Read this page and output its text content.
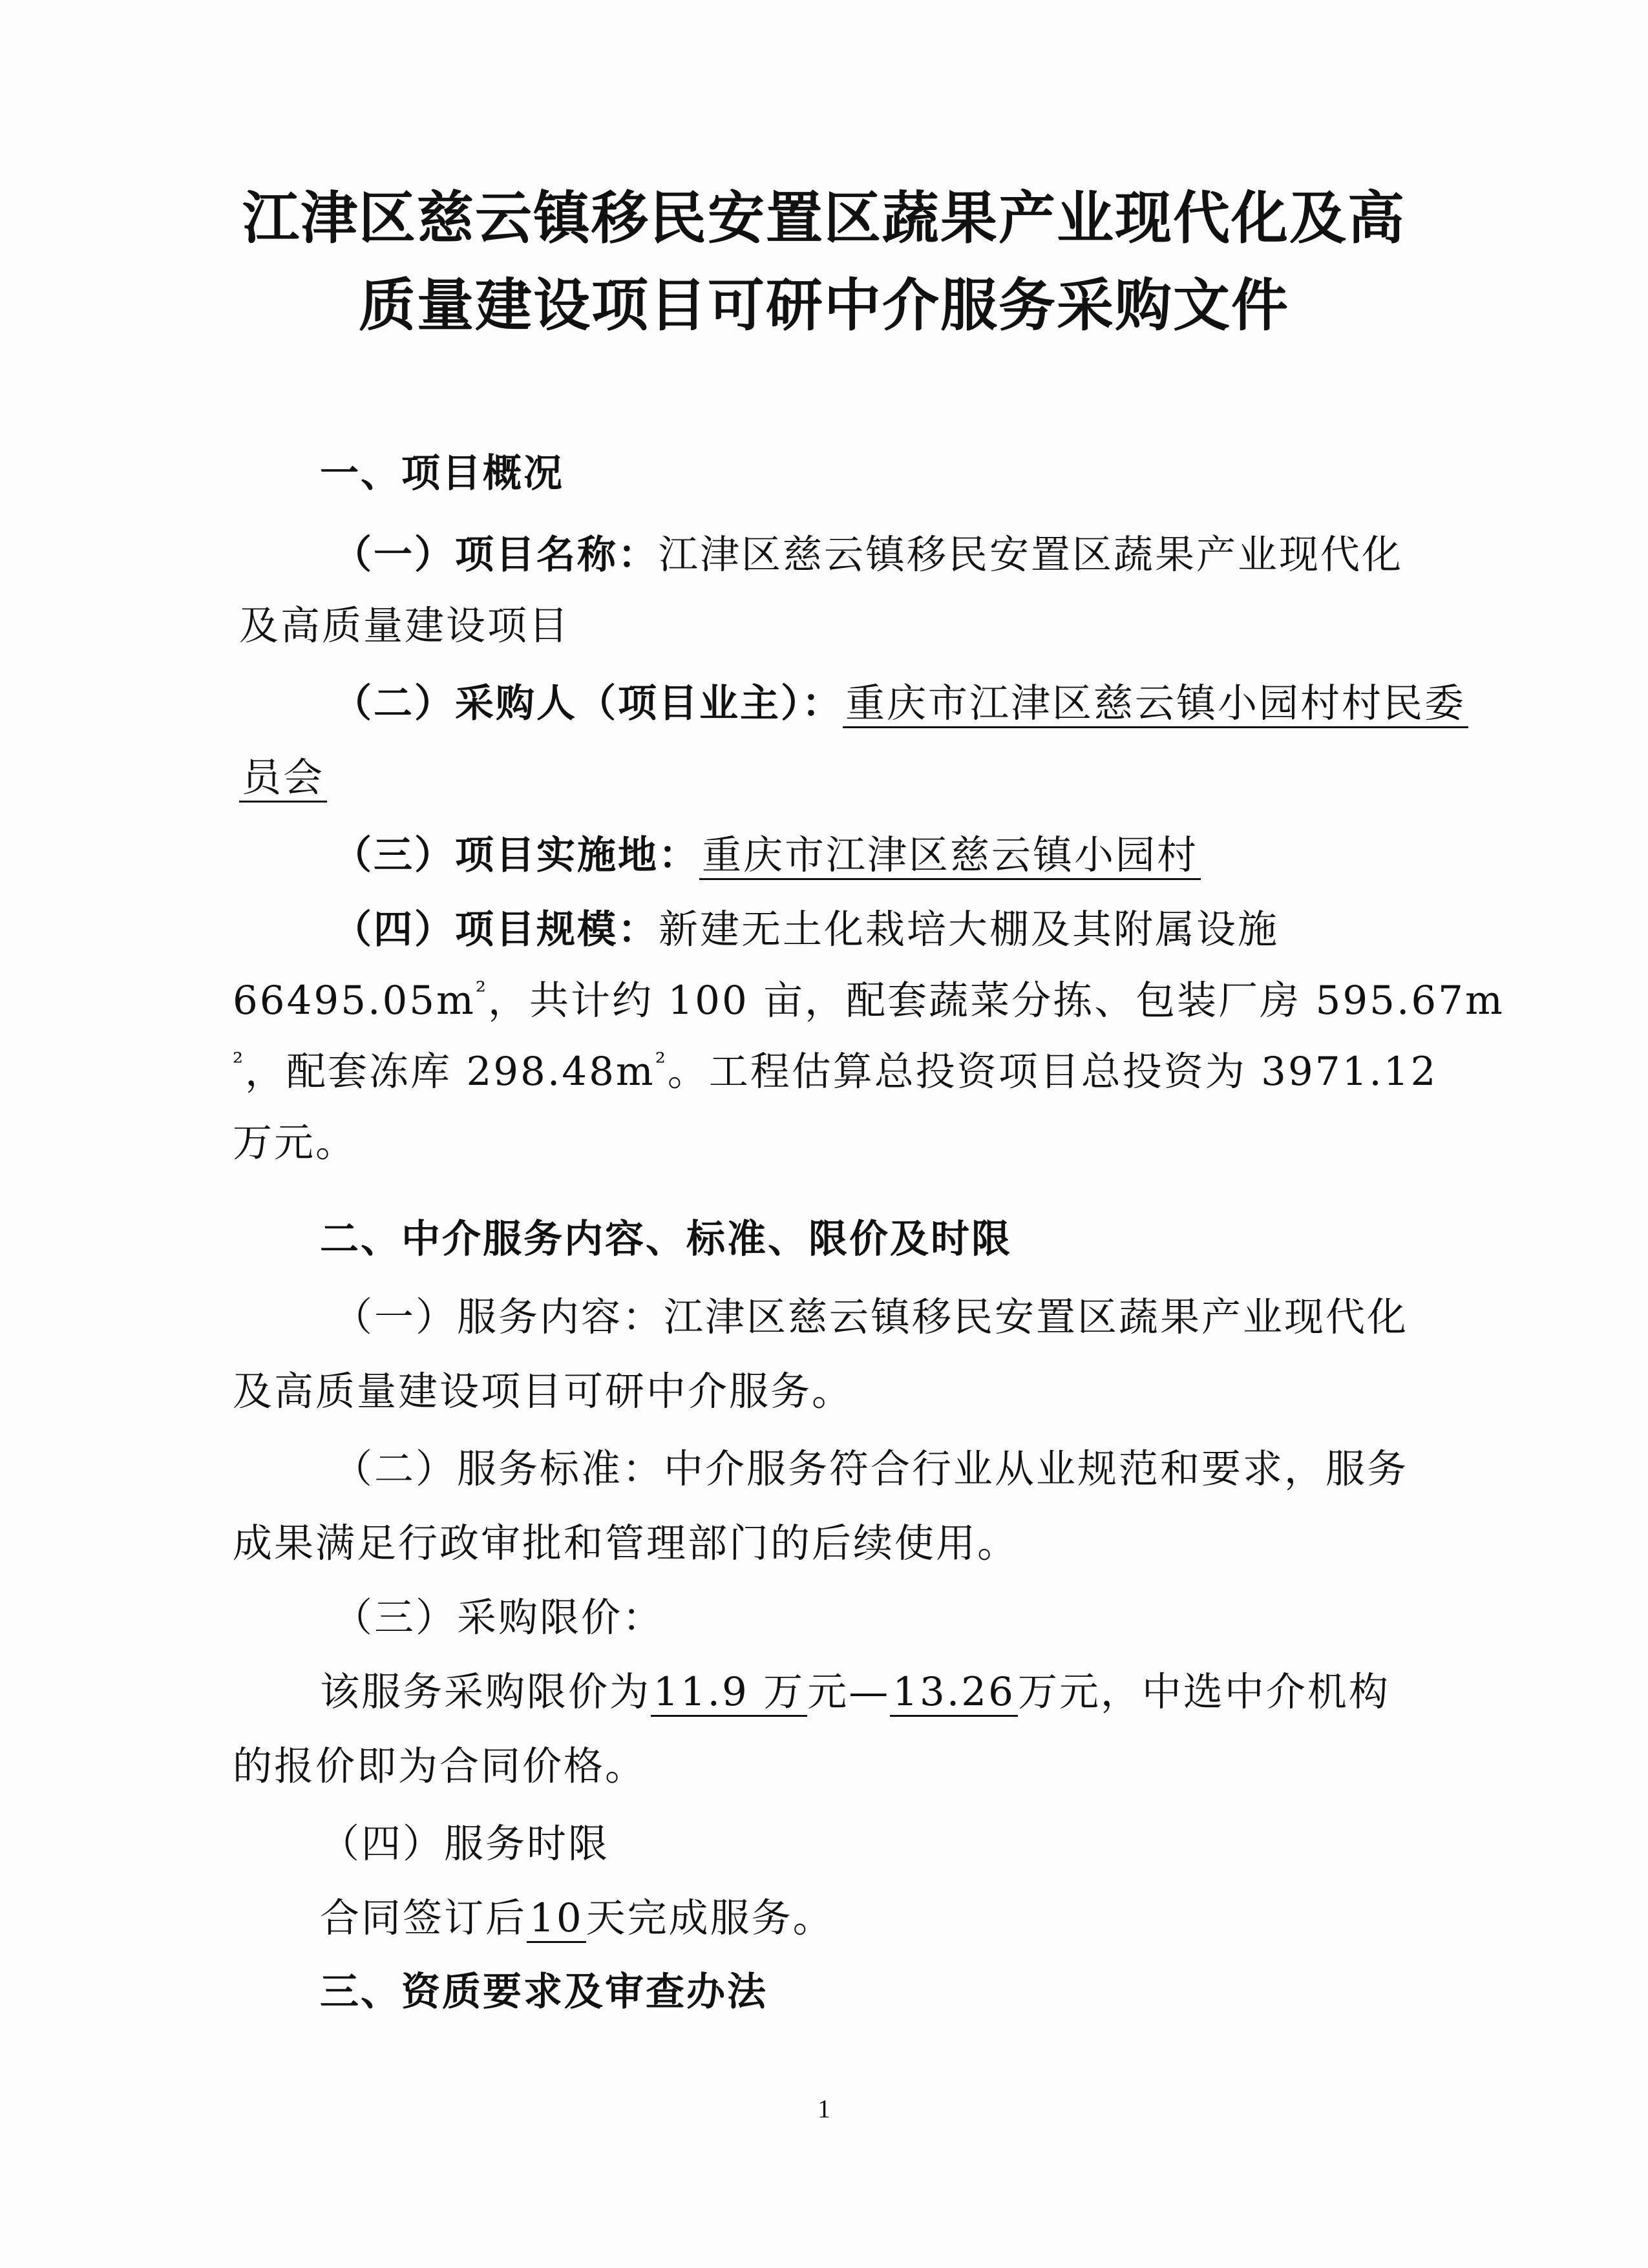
江津区慈云镇移民安置区蔬果产业现代化及高
质量建设项目可研中介服务采购文件
一、项目概况
（一）项目名称：江津区慈云镇移民安置区蔬果产业现代化
及高质量建设项目
（二）采购人（项目业主）：重庆市江津区慈云镇小园村村民委
员会
（三）项目实施地：重庆市江津区慈云镇小园村
（四）项目规模：新建无土化栽培大棚及其附属设施
$66495.05m^{^2}$，共计约 100 亩，配套蔬菜分拣、包装厂房 595.67m
$^{^2}$，配套冻库 $298.48m^{^2}$。工程估算总投资项目总投资为 3971.12
万元。
二、中介服务内容、标准、限价及时限
（一）服务内容：江津区慈云镇移民安置区蔬果产业现代化
及高质量建设项目可研中介服务。
（二）服务标准：中介服务符合行业从业规范和要求，服务
成果满足行政审批和管理部门的后续使用。
（三）采购限价：
该服务采购限价为11.9 万元—13.26万元，中选中介机构
的报价即为合同价格。
（四）服务时限
合同签订后10天完成服务。
三、资质要求及审查办法
1
